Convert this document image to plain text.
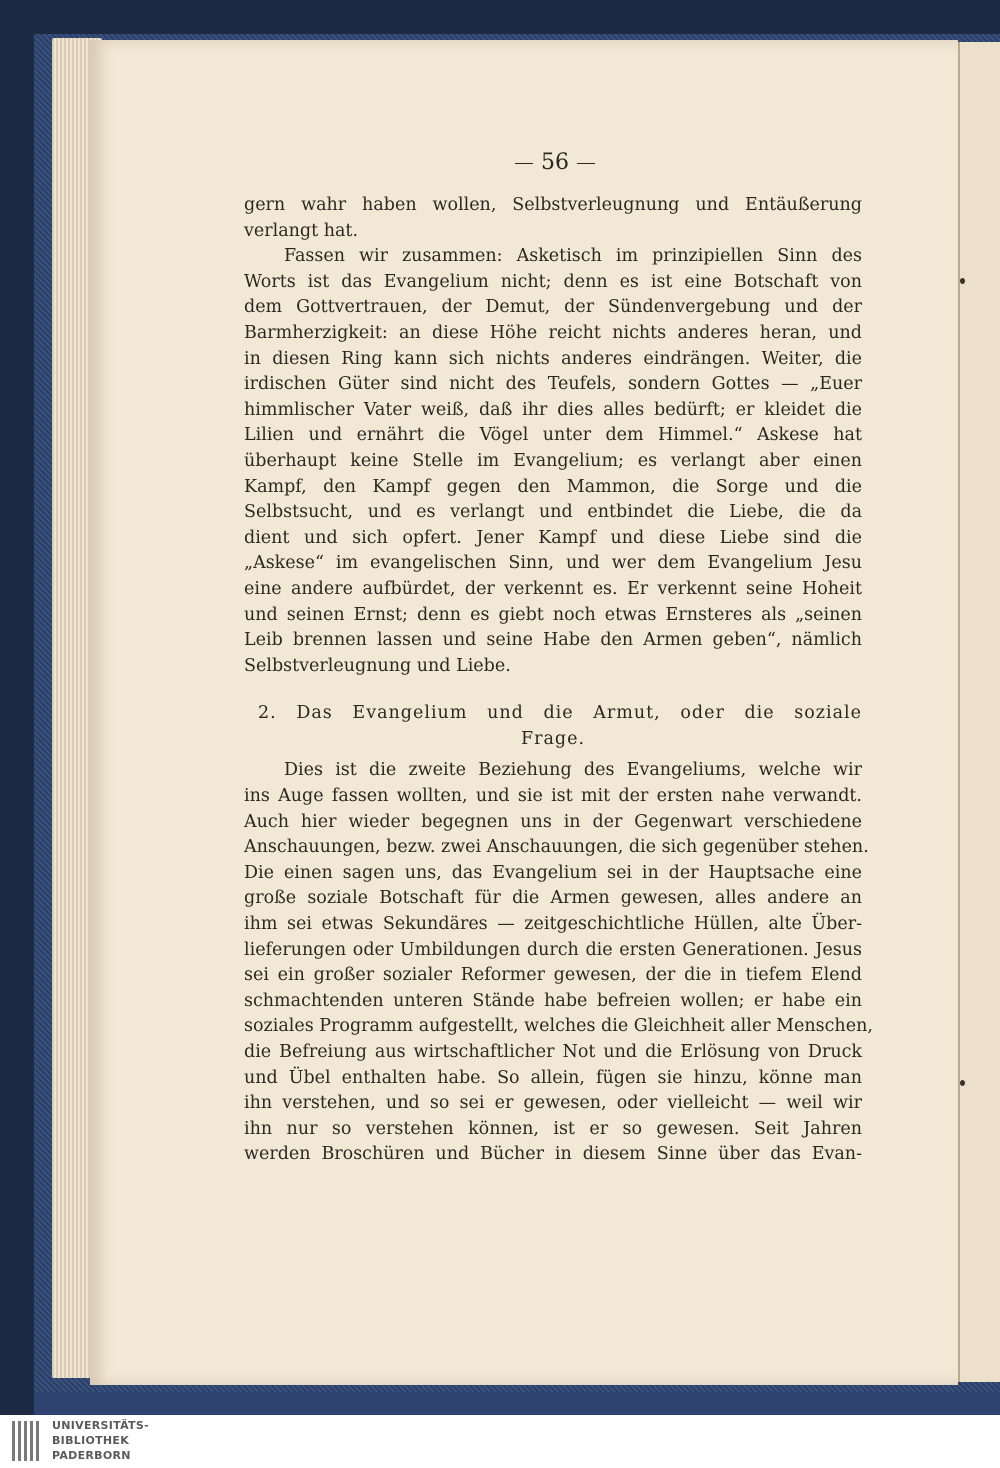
56
gern wahr haben wollen, Selbstverleugnung und Entäußerung
verlangt hat.
Fassen wir zusammen: Asketisch im prinzipiellen Sinn des
Worts ist das Evangelium nicht; denn es ist eine Botschaft von
dem Gottvertrauen, der Demut, der Sündenvergebung und der
Barmherzigkeit: an diese Höhe reicht nichts anderes heran, und
in diesen Ring kann sich nichts anderes eindrängen. Weiter, die
irdischen Güter sind nicht des Teufels, sondern Gottes — „Euer
himmlischer Vater weiß, daß ihr dies alles bedürft; er kleidet die
Lilien und ernährt die Vögel unter dem Himmel.“ Askese hat
überhaupt keine Stelle im Evangelium; es verlangt aber einen
Kampf, den Kampf gegen den Mammon, die Sorge und die
Selbstsucht, und es verlangt und entbindet die Liebe, die da
dient und sich opfert. Jener Kampf und diese Liebe sind die
„Askese“ im evangelischen Sinn, und wer dem Evangelium Jesu
eine andere aufbürdet, der verkennt es. Er verkennt seine Hoheit
und seinen Ernst; denn es giebt noch etwas Ernsteres als „seinen
Leib brennen lassen und seine Habe den Armen geben“, nämlich
Selbstverleugnung und Liebe.
2. Das Evangelium und die Armut, oder die soziale
Frage.
Dies ist die zweite Beziehung des Evangeliums, welche wir
ins Auge fassen wollten, und sie ist mit der ersten nahe verwandt.
Auch hier wieder begegnen uns in der Gegenwart verschiedene
Anschauungen, bezw. zwei Anschauungen, die sich gegenüber stehen.
Die einen sagen uns, das Evangelium sei in der Hauptsache eine
große soziale Botschaft für die Armen gewesen, alles andere an
ihm sei etwas Sekundäres — zeitgeschichtliche Hüllen, alte Über-
lieferungen oder Umbildungen durch die ersten Generationen. Jesus
sei ein großer sozialer Reformer gewesen, der die in tiefem Elend
schmachtenden unteren Stände habe befreien wollen; er habe ein
soziales Programm aufgestellt, welches die Gleichheit aller Menschen,
die Befreiung aus wirtschaftlicher Not und die Erlösung von Druck
und Übel enthalten habe. So allein, fügen sie hinzu, könne man
ihn verstehen, und so sei er gewesen, oder vielleicht — weil wir
ihn nur so verstehen können, ist er so gewesen. Seit Jahren
werden Broschüren und Bücher in diesem Sinne über das Evan-
UNIVERSITÄTS-
BIBLIOTHEK
PADERBORN
